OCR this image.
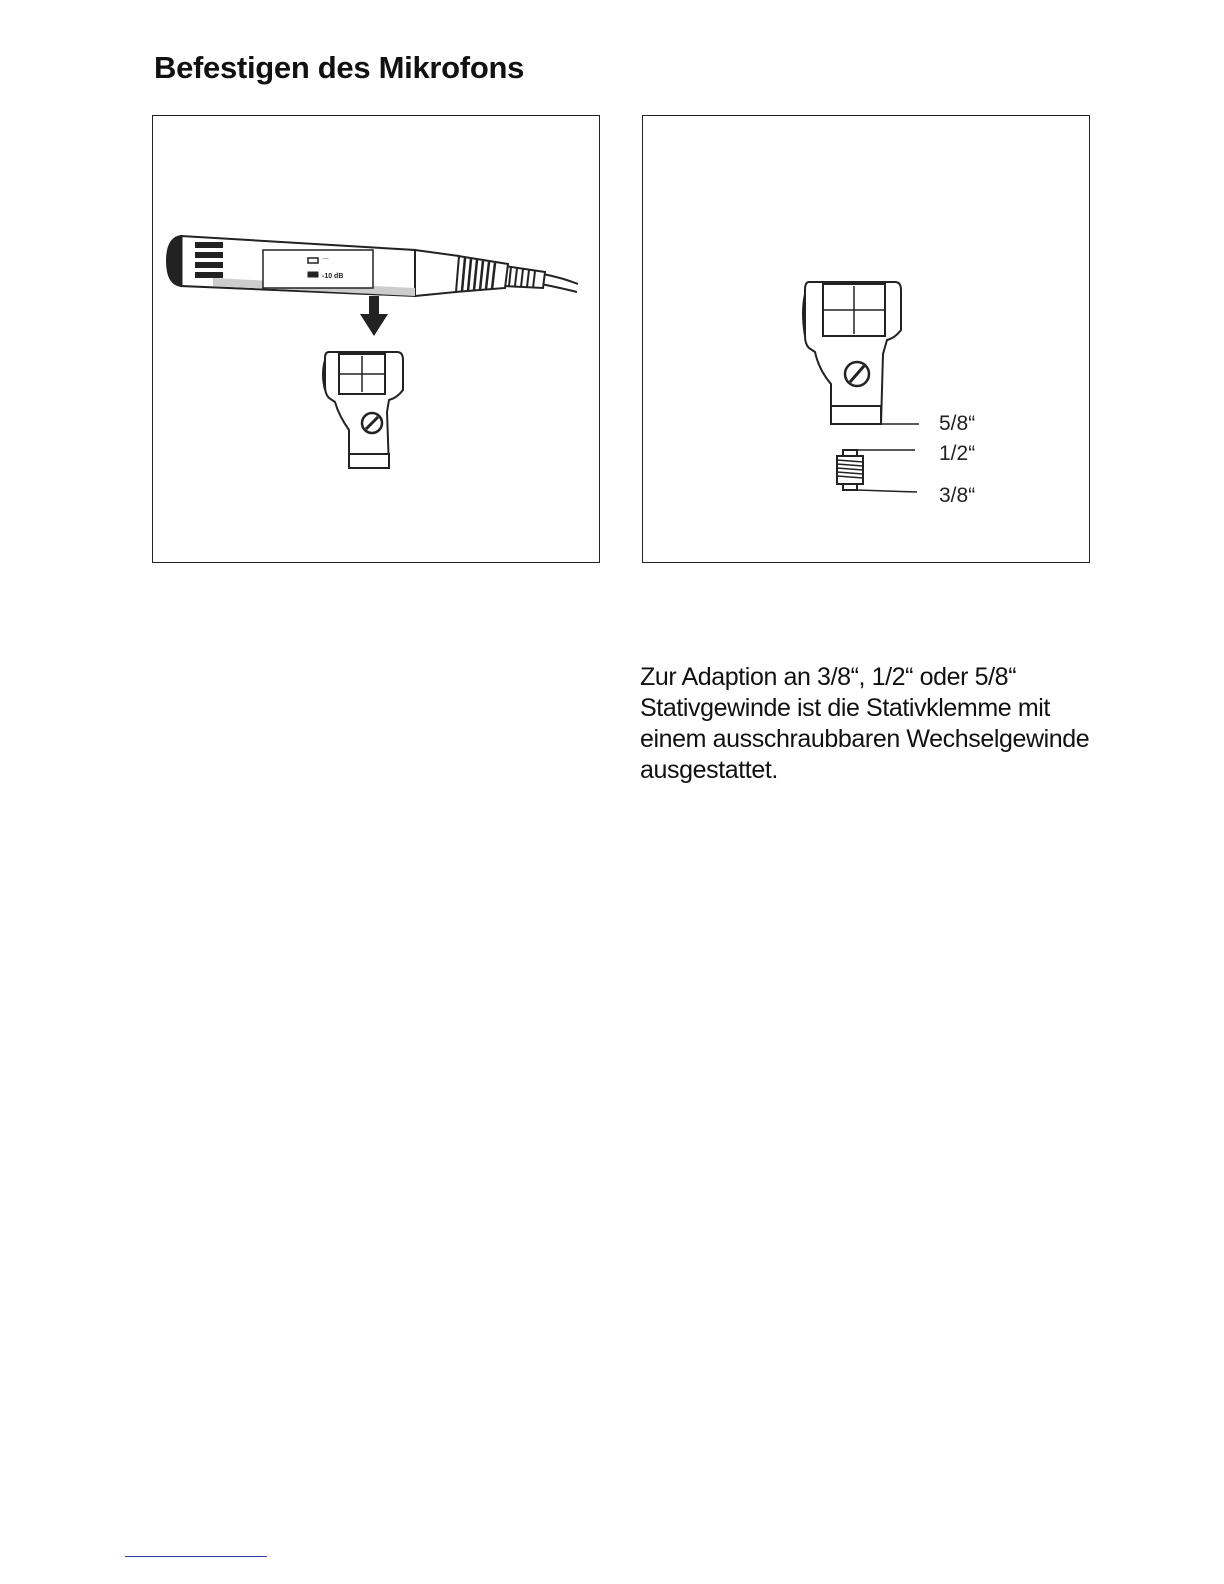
Befestigen des Mikrofons
⌒
-10 dB
5/8“
1/2“
3/8“

Zur Adaption an 3/8“, 1/2“ oder 5/8“ Stativgewinde ist die Stativklemme mit einem ausschraubbaren Wechselgewinde ausgestattet.
